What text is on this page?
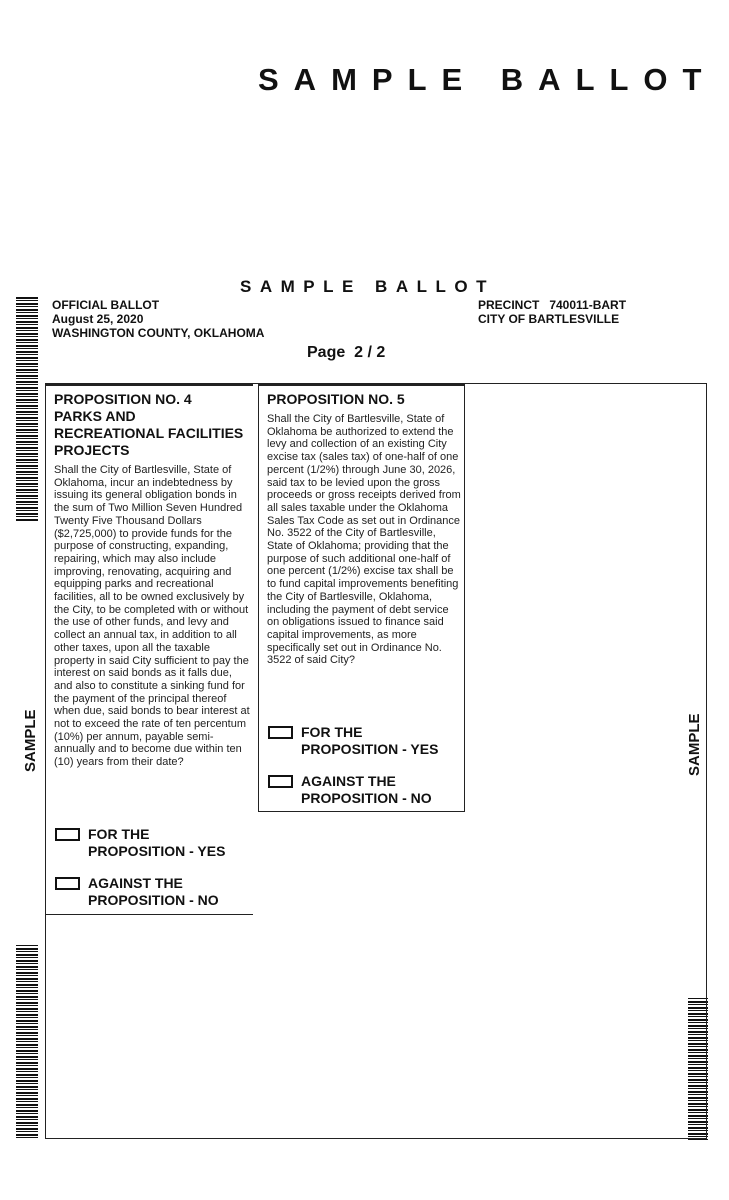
SAMPLE BALLOT
SAMPLE	SAMPLE
SAMPLE BALLOT
OFFICIAL BALLOT
August 25, 2020
WASHINGTON COUNTY, OKLAHOMA
PRECINCT   740011-BART
CITY OF BARTLESVILLE
Page  2 / 2
PROPOSITION NO. 4
PARKS AND
RECREATIONAL FACILITIES
PROJECTS
Shall the City of Bartlesville, State of Oklahoma, incur an indebtedness by issuing its general obligation bonds in the sum of Two Million Seven Hundred Twenty Five Thousand Dollars ($2,725,000) to provide funds for the purpose of constructing, expanding, repairing, which may also include improving, renovating, acquiring and equipping parks and recreational facilities, all to be owned exclusively by the City, to be completed with or without the use of other funds, and levy and collect an annual tax, in addition to all other taxes, upon all the taxable property in said City sufficient to pay the interest on said bonds as it falls due, and also to constitute a sinking fund for the payment of the principal thereof when due, said bonds to bear interest at not to exceed the rate of ten percentum (10%) per annum, payable semi-annually and to become due within ten (10) years from their date?
FOR THE
PROPOSITION - YES
AGAINST THE
PROPOSITION - NO
PROPOSITION NO. 5
Shall the City of Bartlesville, State of Oklahoma be authorized to extend the levy and collection of an existing City excise tax (sales tax) of one-half of one percent (1/2%) through June 30, 2026, said tax to be levied upon the gross proceeds or gross receipts derived from all sales taxable under the Oklahoma Sales Tax Code as set out in Ordinance No. 3522 of the City of Bartlesville, State of Oklahoma; providing that the purpose of such additional one-half of one percent (1/2%) excise tax shall be to fund capital improvements benefiting the City of Bartlesville, Oklahoma, including the payment of debt service on obligations issued to finance said capital improvements, as more specifically set out in Ordinance No. 3522 of said City?
FOR THE
PROPOSITION - YES
AGAINST THE
PROPOSITION - NO
